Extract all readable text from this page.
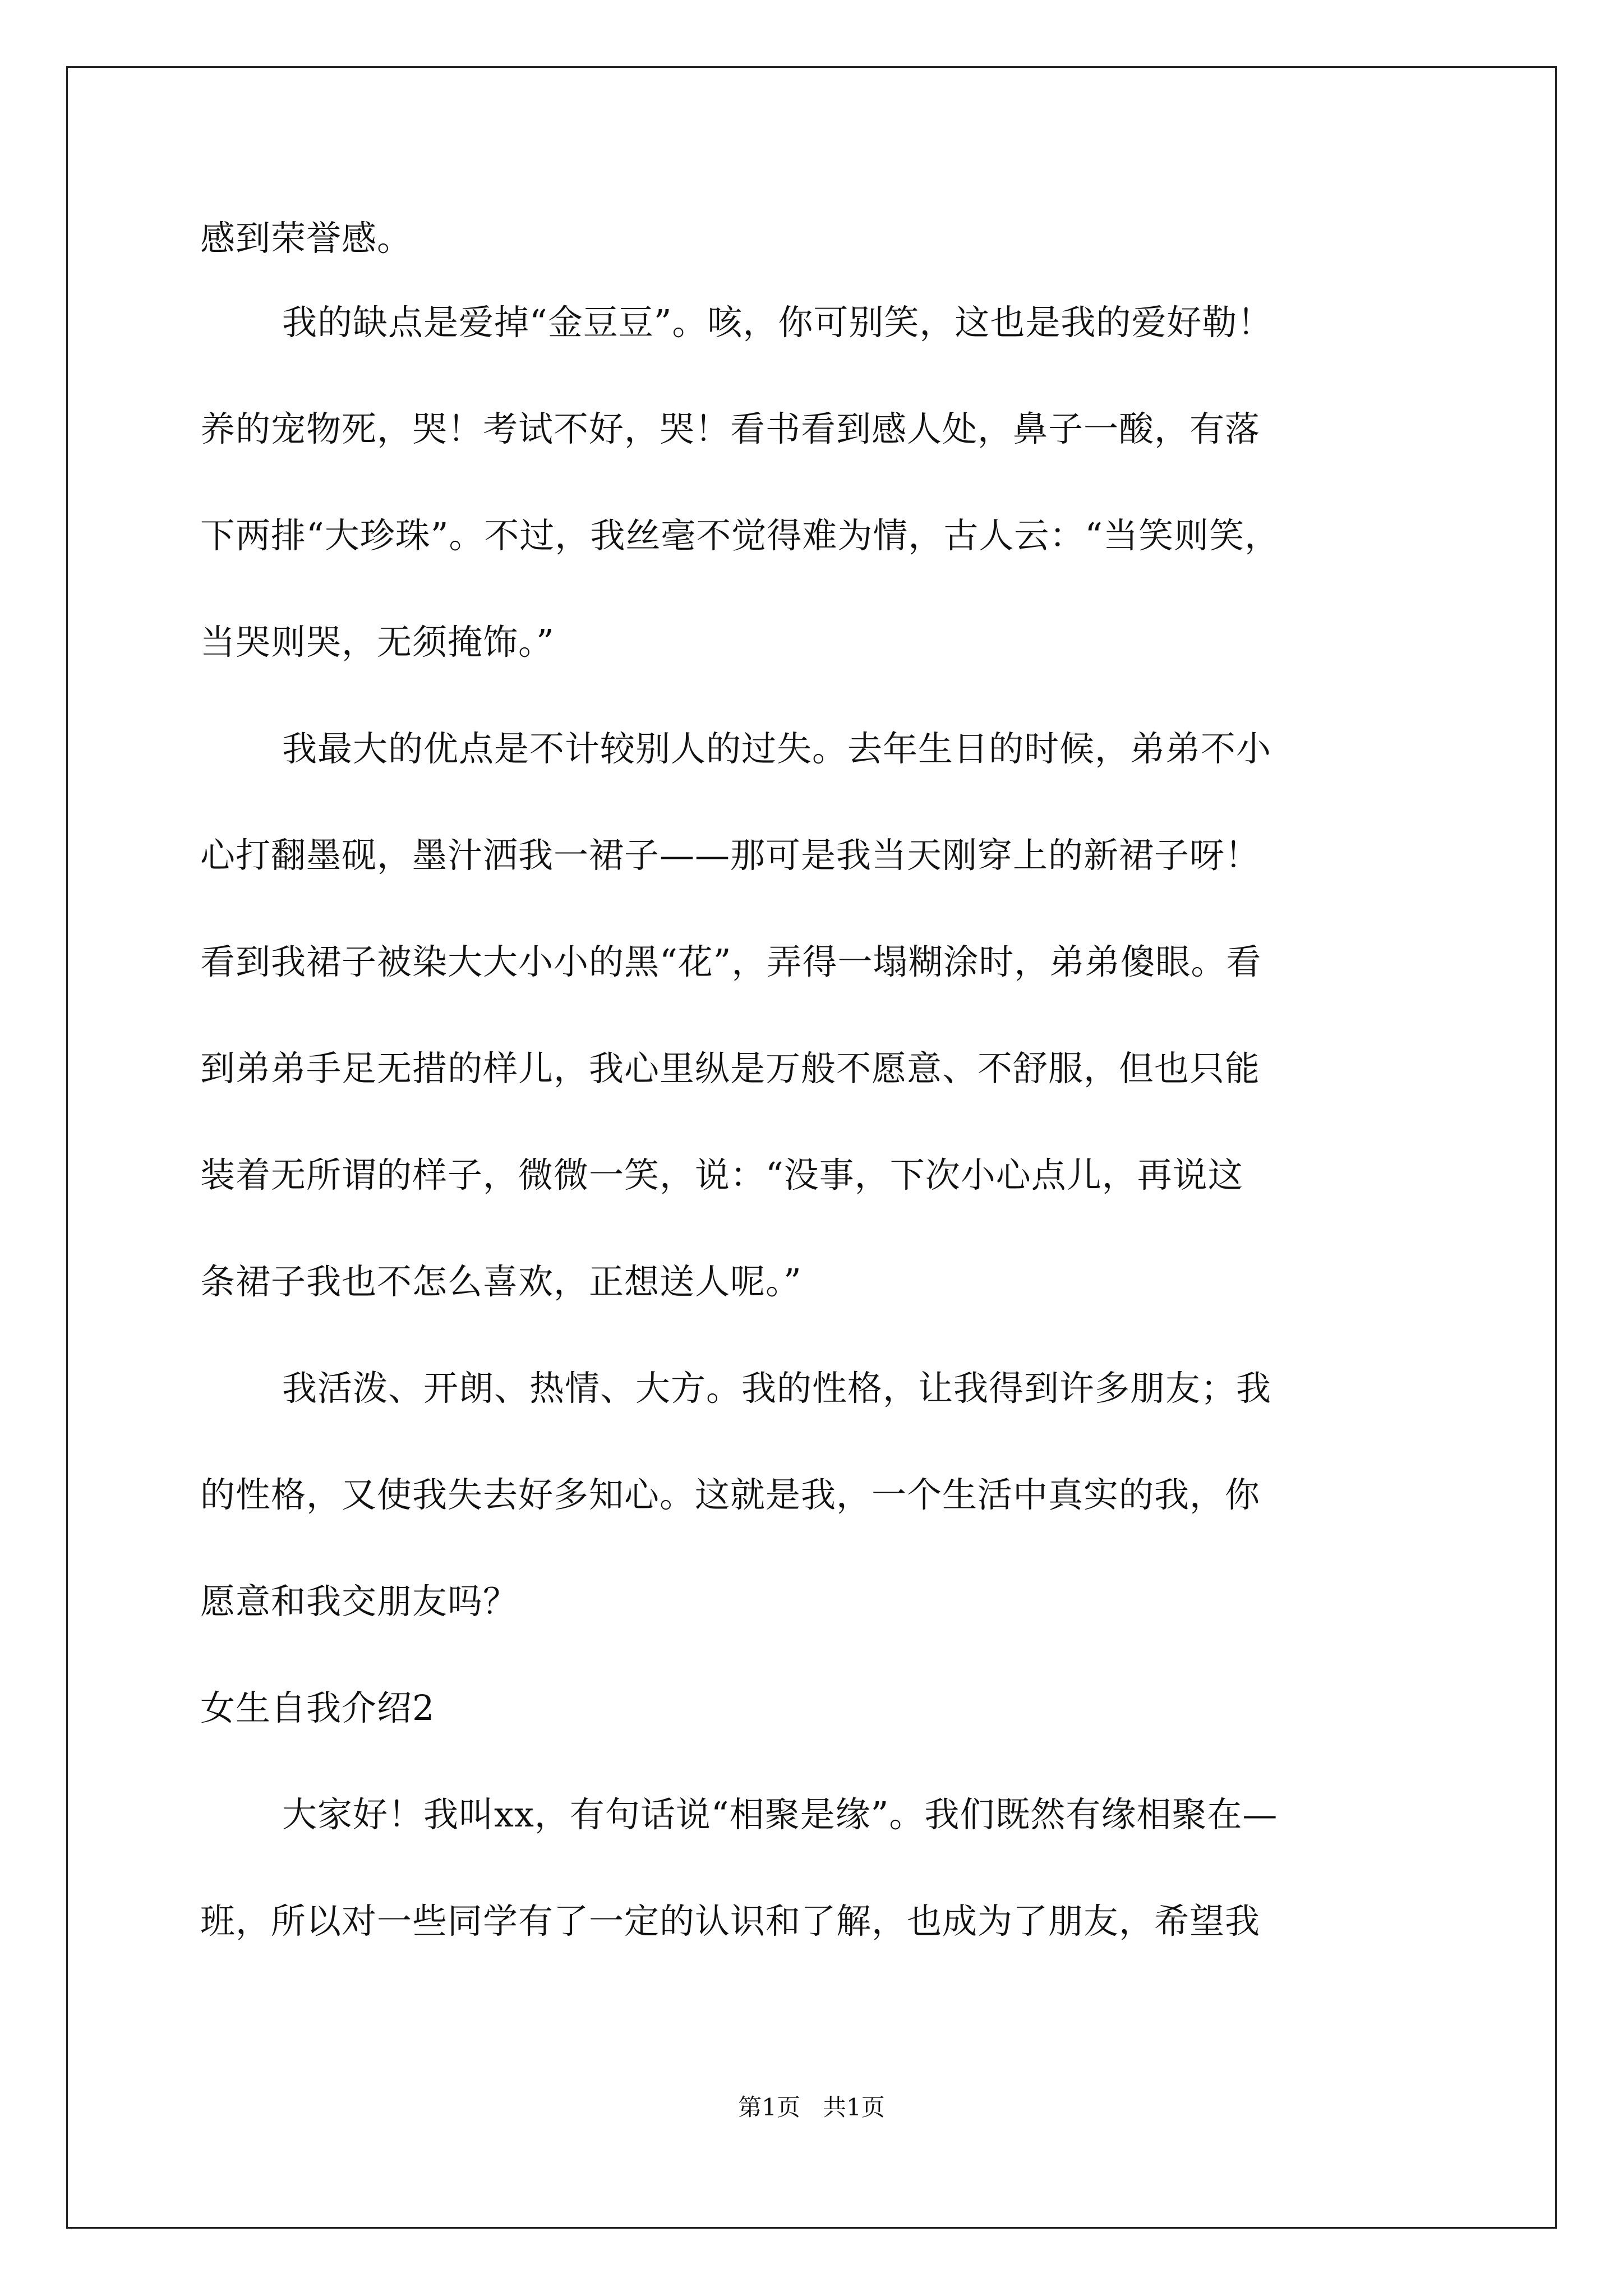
感到荣誉感。
我的缺点是爱掉“金豆豆”。咳，你可别笑，这也是我的爱好勒！
养的宠物死，哭！考试不好，哭！看书看到感人处，鼻子一酸，有落
下两排“大珍珠”。不过，我丝毫不觉得难为情，古人云：“当笑则笑，
当哭则哭，无须掩饰。”
我最大的优点是不计较别人的过失。去年生日的时候，弟弟不小
心打翻墨砚，墨汁洒我一裙子——那可是我当天刚穿上的新裙子呀！
看到我裙子被染大大小小的黑“花”，弄得一塌糊涂时，弟弟傻眼。看
到弟弟手足无措的样儿，我心里纵是万般不愿意、不舒服，但也只能
装着无所谓的样子，微微一笑，说：“没事，下次小心点儿，再说这
条裙子我也不怎么喜欢，正想送人呢。”
我活泼、开朗、热情、大方。我的性格，让我得到许多朋友；我
的性格，又使我失去好多知心。这就是我，一个生活中真实的我，你
愿意和我交朋友吗？
女生自我介绍2
大家好！我叫xx，有句话说“相聚是缘”。我们既然有缘相聚在—
班，所以对一些同学有了一定的认识和了解，也成为了朋友，希望我
第1页   共1页
